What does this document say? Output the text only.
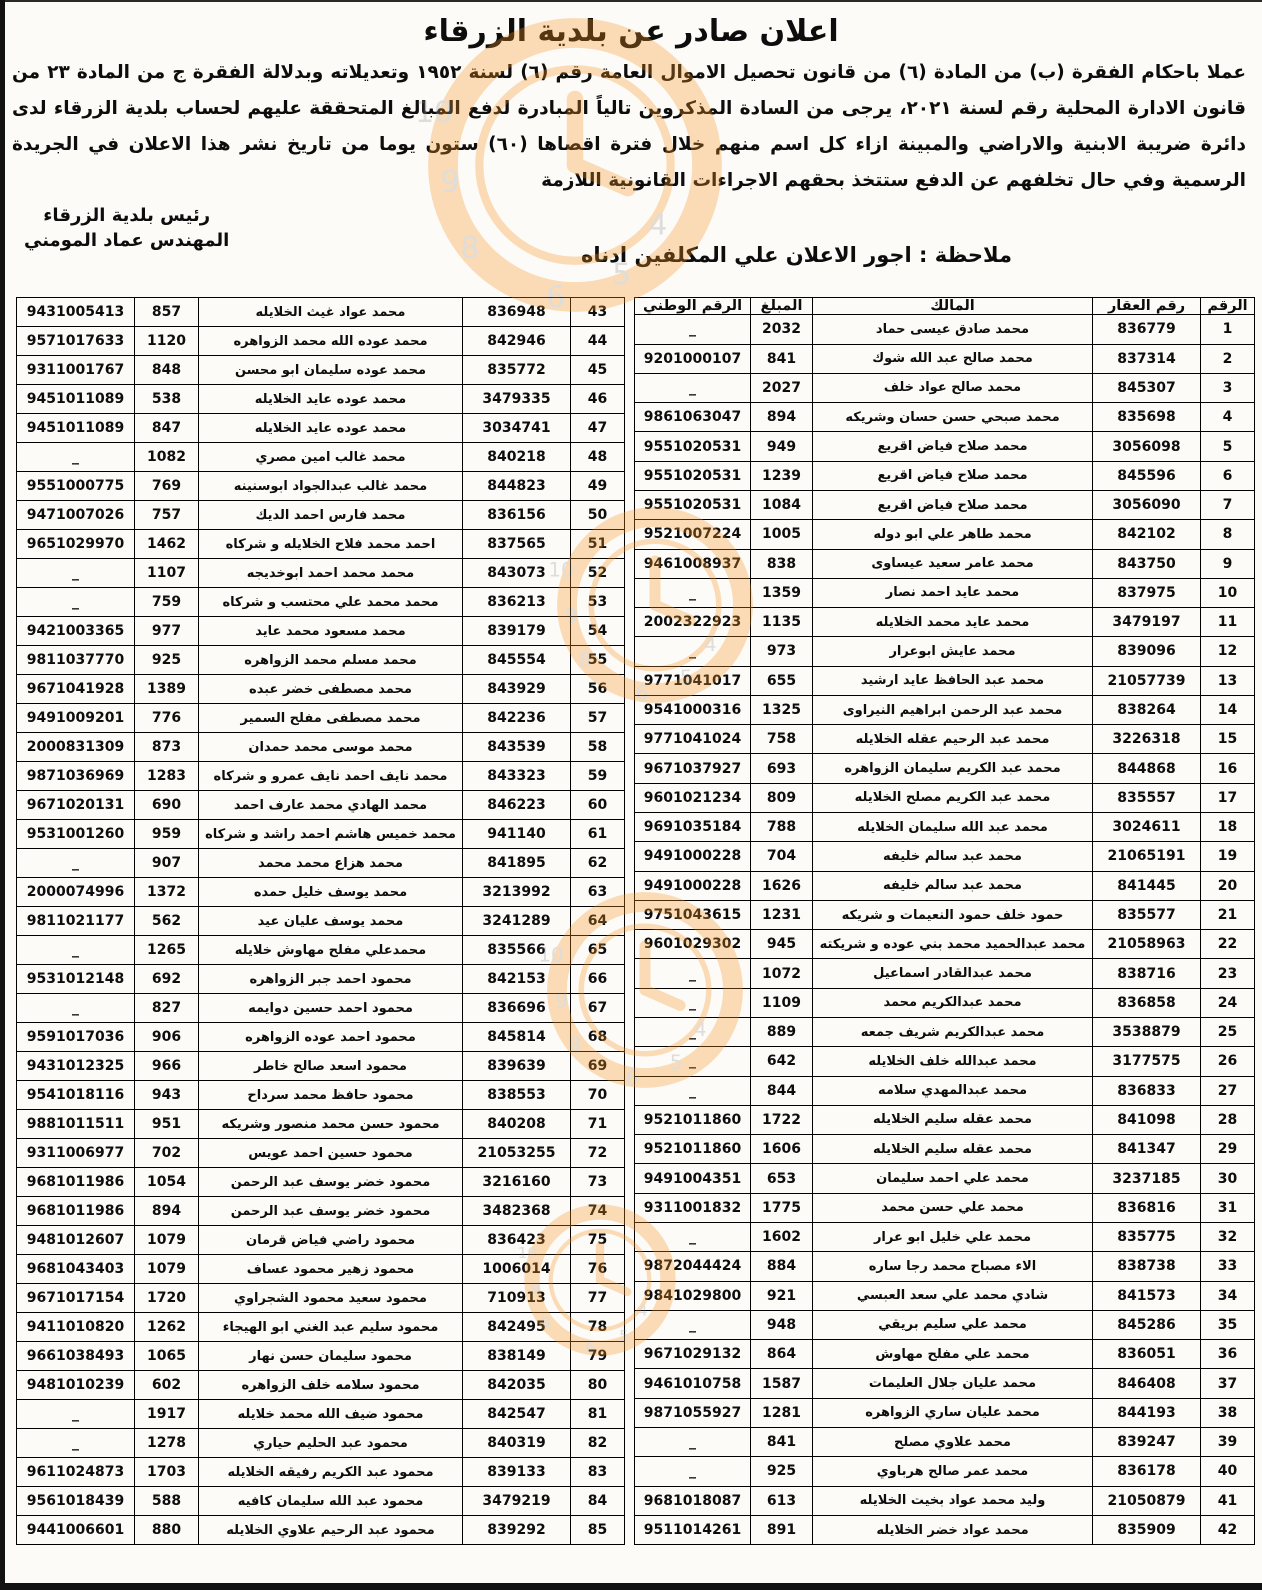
اعلان صادر عن بلدية الزرقاء

عملا باحكام الفقرة (ب) من المادة (٦) من قانون تحصيل الاموال العامة رقم (٦) لسنة ١٩٥٢ وتعديلاته وبدلالة الفقرة ج من المادة ٢٣ من قانون الادارة المحلية رقم لسنة ٢٠٢١، يرجى من السادة المذكروين تالياً المبادرة لدفع المبالغ المتحققة عليهم لحساب بلدية الزرقاء لدى دائرة ضريبة الابنية والاراضي والمبينة ازاء كل اسم منهم خلال فترة اقصاها (٦٠) ستون يوما من تاريخ نشر هذا الاعلان في الجريدة الرسمية وفي حال تخلفهم عن الدفع ستتخذ بحقهم الاجراءات القانونية اللازمة

رئيس بلدية الزرقاء
المهندس عماد المومني
ملاحظة : اجور الاعلان علي المكلفين ادناه
الرقم	رقم العقار	المالك	المبلغ	الرقم الوطني
1	836779	محمد صادق عيسى حماد	2032	_
2	837314	محمد صالح عبد الله شوك	841	9201000107
3	845307	محمد صالح عواد خلف	2027	_
4	835698	محمد صبحي حسن حسان وشريكه	894	9861063047
5	3056098	محمد صلاح فياض اقريع	949	9551020531
6	845596	محمد صلاح فياض اقريع	1239	9551020531
7	3056090	محمد صلاح فياض اقريع	1084	9551020531
8	842102	محمد طاهر علي ابو دوله	1005	9521007224
9	843750	محمد عامر سعيد عيساوى	838	9461008937
10	837975	محمد عايد احمد نصار	1359	_
11	3479197	محمد عايد محمد الخلايله	1135	2002322923
12	839096	محمد عايش ابوعرار	973	_
13	21057739	محمد عبد الحافظ عايد ارشيد	655	9771041017
14	838264	محمد عبد الرحمن ابراهيم النيراوى	1325	9541000316
15	3226318	محمد عبد الرحيم عقله الخلايله	758	9771041024
16	844868	محمد عبد الكريم سليمان الزواهره	693	9671037927
17	835557	محمد عبد الكريم مصلح الخلايله	809	9601021234
18	3024611	محمد عبد الله سليمان الخلايله	788	9691035184
19	21065191	محمد عبد سالم خليفه	704	9491000228
20	841445	محمد عبد سالم خليفه	1626	9491000228
21	835577	حمود خلف حمود النعيمات و شريكه	1231	9751043615
22	21058963	محمد عبدالحميد محمد بني عوده و شريكته	945	9601029302
23	838716	محمد عبدالقادر اسماعيل	1072	_
24	836858	محمد عبدالكريم محمد	1109	_
25	3538879	محمد عبدالكريم شريف جمعه	889	_
26	3177575	محمد عبدالله خلف الخلايله	642	_
27	836833	محمد عبدالمهدي سلامه	844	_
28	841098	محمد عقله سليم الخلايله	1722	9521011860
29	841347	محمد عقله سليم الخلايله	1606	9521011860
30	3237185	محمد علي احمد سليمان	653	9491004351
31	836816	محمد علي حسن محمد	1775	9311001832
32	835775	محمد علي خليل ابو عرار	1602	_
33	838738	الاء مصباح محمد رجا ساره	884	9872044424
34	841573	شادي محمد علي سعد العبسي	921	9841029800
35	845286	محمد علي سليم بريقي	948	_
36	836051	محمد علي مفلح مهاوش	864	9671029132
37	846408	محمد عليان جلال العليمات	1587	9461010758
38	844193	محمد عليان ساري الزواهره	1281	9871055927
39	839247	محمد علاوي مصلح	841	_
40	836178	محمد عمر صالح هرباوي	925	_
41	21050879	وليد محمد عواد بخيت الخلايله	613	9681018087
42	835909	محمد عواد خضر الخلايله	891	9511014261
43	836948	محمد عواد غيث الخلايله	857	9431005413
44	842946	محمد عوده الله محمد الزواهره	1120	9571017633
45	835772	محمد عوده سليمان ابو محسن	848	9311001767
46	3479335	محمد عوده عايد الخلايله	538	9451011089
47	3034741	محمد عوده عايد الخلايله	847	9451011089
48	840218	محمد غالب امين مصري	1082	_
49	844823	محمد غالب عبدالجواد ابوسنينه	769	9551000775
50	836156	محمد فارس احمد الديك	757	9471007026
51	837565	احمد محمد فلاح الخلايله و شركاه	1462	9651029970
52	843073	محمد محمد احمد ابوخديجه	1107	_
53	836213	محمد محمد علي محتسب و شركاه	759	_
54	839179	محمد مسعود محمد عايد	977	9421003365
55	845554	محمد مسلم محمد الزواهره	925	9811037770
56	843929	محمد مصطفى خضر عبده	1389	9671041928
57	842236	محمد مصطفى مفلح السمير	776	9491009201
58	843539	محمد موسى محمد حمدان	873	2000831309
59	843323	محمد نايف احمد نايف عمرو و شركاه	1283	9871036969
60	846223	محمد الهادي محمد عارف احمد	690	9671020131
61	941140	محمد خميس هاشم احمد راشد و شركاه	959	9531001260
62	841895	محمد هزاع محمد محمد	907	_
63	3213992	محمد يوسف خليل حمده	1372	2000074996
64	3241289	محمد يوسف عليان عيد	562	9811021177
65	835566	محمدعلي مفلح مهاوش خلايله	1265	_
66	842153	محمود احمد جبر الزواهره	692	9531012148
67	836696	محمود احمد حسين دوايمه	827	_
68	845814	محمود احمد عوده الزواهره	906	9591017036
69	839639	محمود اسعد صالح خاطر	966	9431012325
70	838553	محمود حافظ محمد سرداح	943	9541018116
71	840208	محمود حسن محمد منصور وشريكه	951	9881011511
72	21053255	محمود حسين احمد عويس	702	9311006977
73	3216160	محمود خضر يوسف عبد الرحمن	1054	9681011986
74	3482368	محمود خضر يوسف عبد الرحمن	894	9681011986
75	836423	محمود راضي فياض قرمان	1079	9481012607
76	1006014	محمود زهير محمود عساف	1079	9681043403
77	710913	محمود سعيد محمود الشجراوي	1720	9671017154
78	842495	محمود سليم عبد الغني ابو الهيجاء	1262	9411010820
79	838149	محمود سليمان حسن نهار	1065	9661038493
80	842035	محمود سلامه خلف الزواهره	602	9481010239
81	842547	محمود ضيف الله محمد خلايله	1917	_
82	840319	محمود عبد الحليم حياري	1278	_
83	839133	محمود عبد الكريم رفيقه الخلايله	1703	9611024873
84	3479219	محمود عبد الله سليمان كافيه	588	9561018439
85	839292	محمود عبد الرحيم علاوي الخلايله	880	9441006601
